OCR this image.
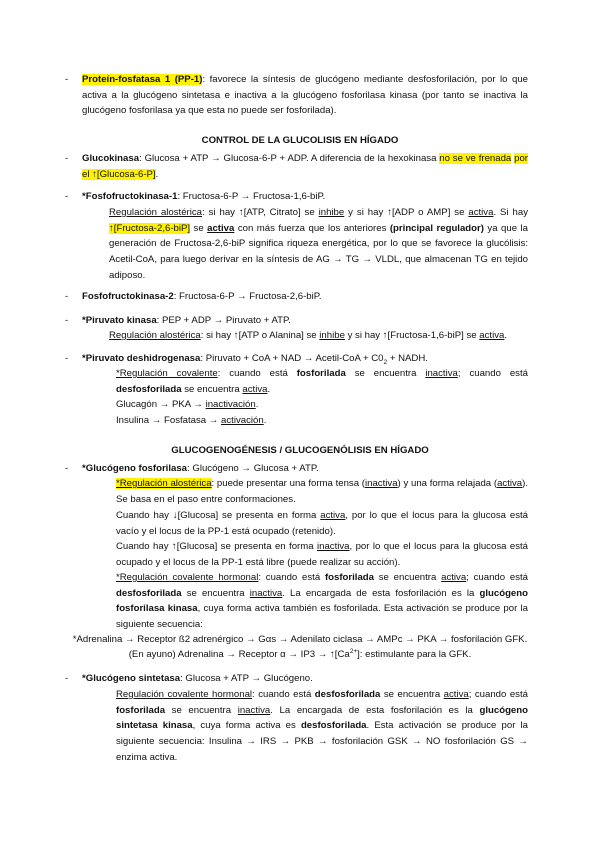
- Proteín-fosfatasa 1 (PP-1): favorece la síntesis de glucógeno mediante desfosforilación, por lo que activa a la glucógeno sintetasa e inactiva a la glucógeno fosforilasa kinasa (por tanto se inactiva la glucógeno fosforilasa ya que esta no puede ser fosforilada).
CONTROL DE LA GLUCOLISIS EN HÍGADO
- Glucokinasa: Glucosa + ATP → Glucosa-6-P + ADP. A diferencia de la hexokinasa no se ve frenada por el ↑[Glucosa-6-P].
- *Fosfofructokinasa-1: Fructosa-6-P → Fructosa-1,6-biP.
Regulación alostérica: si hay ↑[ATP, Citrato] se inhibe y si hay ↑[ADP o AMP] se activa. Si hay ↑[Fructosa-2,6-biP] se activa con más fuerza que los anteriores (principal regulador) ya que la generación de Fructosa-2,6-biP significa riqueza energética, por lo que se favorece la glucólisis: Acetil-CoA, para luego derivar en la síntesis de AG → TG → VLDL, que almacenan TG en tejido adiposo.
- Fosfofructokinasa-2: Fructosa-6-P → Fructosa-2,6-biP.
- *Piruvato kinasa: PEP + ADP → Piruvato + ATP.
Regulación alostérica: si hay ↑[ATP o Alanina] se inhibe y si hay ↑[Fructosa-1,6-biP] se activa.
- *Piruvato deshidrogenasa: Piruvato + CoA + NAD → Acetil-CoA + $C0_2$ + NADH.
*Regulación covalente: cuando está fosforilada se encuentra inactiva; cuando está desfosforilada se encuentra activa.
Glucagón → PKA → inactivación.
Insulina → Fosfatasa → activación.
GLUCOGENOGÉNESIS / GLUCOGENÓLISIS EN HÍGADO
- *Glucógeno fosforilasa: Glucógeno → Glucosa + ATP.
*Regulación alostérica: puede presentar una forma tensa (inactiva) y una forma relajada (activa). Se basa en el paso entre conformaciones.
Cuando hay ↓[Glucosa] se presenta en forma activa, por lo que el locus para la glucosa está vacío y el locus de la PP-1 está ocupado (retenido).
Cuando hay ↑[Glucosa] se presenta en forma inactiva, por lo que el locus para la glucosa está ocupado y el locus de la PP-1 está libre (puede realizar su acción).
*Regulación covalente hormonal: cuando está fosforilada se encuentra activa; cuando está desfosforilada se encuentra inactiva. La encargada de esta fosforilación es la glucógeno fosforilasa kinasa, cuya forma activa también es fosforilada. Esta activación se produce por la siguiente secuencia:
*Adrenalina → Receptor ß2 adrenérgico → Gαs → Adenilato ciclasa → AMPc → PKA → fosforilación GFK.
(En ayuno) Adrenalina → Receptor $\alpha \to IP3 \to ↑[Ca^{2+}]$: estimulante para la GFK.
- *Glucógeno sintetasa: Glucosa + ATP → Glucógeno.
Regulación covalente hormonal: cuando está desfosforilada se encuentra activa; cuando está fosforilada se encuentra inactiva. La encargada de esta fosforilación es la glucógeno sintetasa kinasa, cuya forma activa es desfosforilada. Esta activación se produce por la siguiente secuencia: Insulina → IRS → PKB → fosforilación GSK → NO fosforilación GS → enzima activa.
